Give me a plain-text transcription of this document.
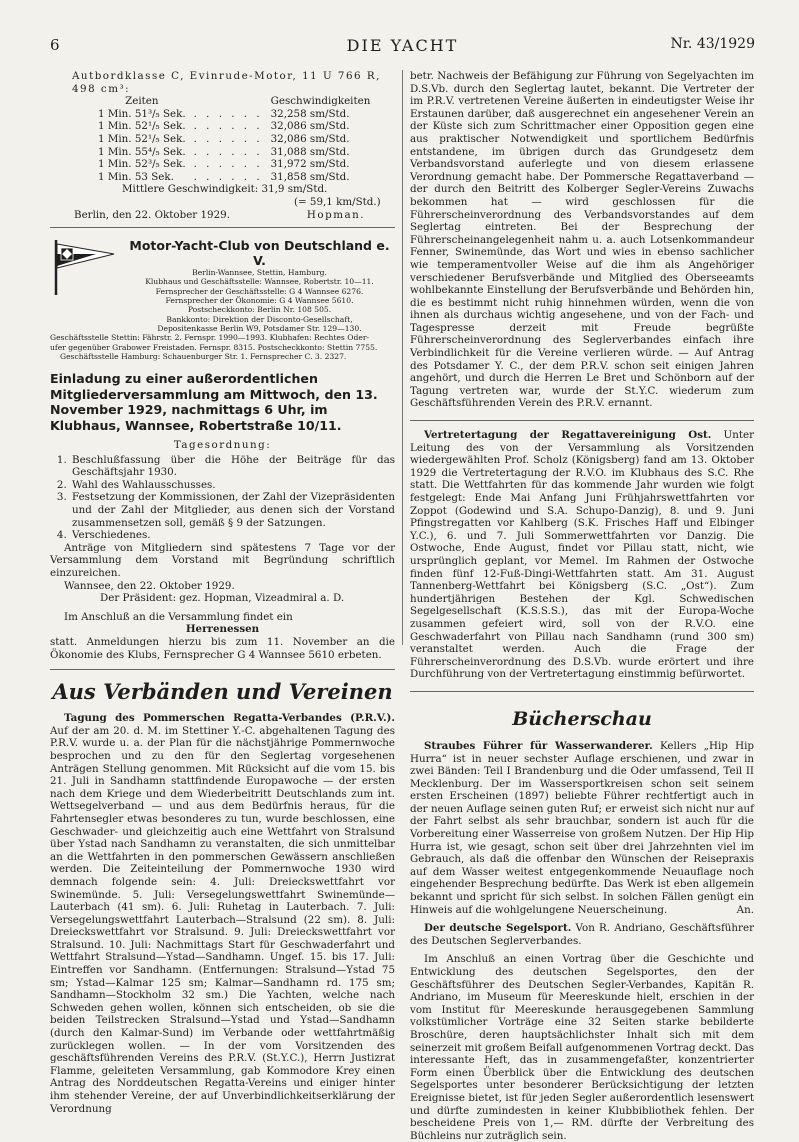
6	DIE YACHT	Nr. 43/1929

Autbordklasse C, Evinrude-Motor, 11 U 766 R, 498 cm³:

Zeiten		Geschwindigkeiten
1 Min. 51³/₅ Sek.	. . . . . .	32,258 sm/Std.
1 Min. 52¹/₅ Sek.	. . . . . .	32,086 sm/Std.
1 Min. 52¹/₅ Sek.	. . . . . .	32,086 sm/Std.
1 Min. 55⁴/₅ Sek.	. . . . . .	31,088 sm/Std.
1 Min. 52³/₅ Sek.	. . . . . .	31,972 sm/Std.
1 Min. 53 Sek.	. . . . . .	31,858 sm/Std.
Mittlere Geschwindigkeit: 31,9 sm/Std.
(= 59,1 km/Std.)
Berlin, den 22. Oktober 1929.	Hopman.
Motor-Yacht-Club von Deutschland e. V.
Berlin-Wannsee, Stettin, Hamburg.
Klubhaus und Geschäftsstelle: Wannsee, Robertstr. 10—11.
Fernsprecher der Geschäftsstelle: G 4 Wannsee 6276.
Fernsprecher der Ökonomie: G 4 Wannsee 5610.
Postscheckkonto: Berlin Nr. 108 505.
Bankkonto: Direktion der Disconto-Gesellschaft,
Depositenkasse Berlin W9, Potsdamer Str. 129—130.
Geschäftsstelle Stettin: Fährstr. 2. Fernspr. 1990—1993. Klubhafen: Rechtes Oder-
ufer gegenüber Grabower Freistaden. Fernspr. 8315. Postscheckkonto: Stettin 7755.
Geschäftsstelle Hamburg: Schauenburger Str. 1. Fernsprecher C. 3. 2327.
Einladung zu einer außerordentlichen Mitgliederversammlung am Mittwoch, den 13. November 1929, nachmittags 6 Uhr, im Klubhaus, Wannsee, Robertstraße 10/11.

Tagesordnung:

1. Beschlußfassung über die Höhe der Beiträge für das Geschäftsjahr 1930.
2. Wahl des Wahlausschusses.
3. Festsetzung der Kommissionen, der Zahl der Vizepräsidenten und der Zahl der Mitglieder, aus denen sich der Vorstand zusammensetzen soll, gemäß § 9 der Satzungen.
4. Verschiedenes.

Anträge von Mitgliedern sind spätestens 7 Tage vor der Versammlung dem Vorstand mit Begründung schriftlich einzureichen.

Wannsee, den 22. Oktober 1929.

Der Präsident: gez. Hopman, Vizeadmiral a. D.

Im Anschluß an die Versammlung findet ein

Herrenessen

statt. Anmeldungen hierzu bis zum 11. November an die Ökonomie des Klubs, Fernsprecher G 4 Wannsee 5610 erbeten.

Aus Verbänden und Vereinen

Tagung des Pommerschen Regatta-Verbandes (P.R.V.). Auf der am 20. d. M. im Stettiner Y.-C. abgehaltenen Tagung des P.R.V. wurde u. a. der Plan für die nächstjährige Pommernwoche besprochen und zu den für den Seglertag vorgesehenen Anträgen Stellung genommen. Mit Rücksicht auf die vom 15. bis 21. Juli in Sandhamn stattfindende Europawoche — der ersten nach dem Kriege und dem Wiederbeitritt Deutschlands zum int. Wettsegelverband — und aus dem Bedürfnis heraus, für die Fahrtensegler etwas besonderes zu tun, wurde beschlossen, eine Geschwader- und gleichzeitig auch eine Wettfahrt von Stralsund über Ystad nach Sandhamn zu veranstalten, die sich unmittelbar an die Wettfahrten in den pommerschen Gewässern anschließen werden. Die Zeiteinteilung der Pommernwoche 1930 wird demnach folgende sein: 4. Juli: Dreieckswettfahrt vor Swinemünde. 5. Juli: Versegelungswettfahrt Swinemünde—Lauterbach (41 sm). 6. Juli: Ruhetag in Lauterbach. 7. Juli: Versegelungswettfahrt Lauterbach—Stralsund (22 sm). 8. Juli: Dreieckswettfahrt vor Stralsund. 9. Juli: Dreieckswettfahrt vor Stralsund. 10. Juli: Nachmittags Start für Geschwaderfahrt und Wettfahrt Stralsund—Ystad—Sandhamn. Ungef. 15. bis 17. Juli: Eintreffen vor Sandhamn. (Entfernungen: Stralsund—Ystad 75 sm; Ystad—Kalmar 125 sm; Kalmar—Sandhamn rd. 175 sm; Sandhamn—Stockholm 32 sm.) Die Yachten, welche nach Schweden gehen wollen, können sich entscheiden, ob sie die beiden Teilstrecken Stralsund—Ystad und Ystad—Sandhamn (durch den Kalmar-Sund) im Verbande oder wettfahrtmäßig zurücklegen wollen. — In der vom Vorsitzenden des geschäftsführenden Vereins des P.R.V. (St.Y.C.), Herrn Justizrat Flamme, geleiteten Versammlung, gab Kommodore Krey einen Antrag des Norddeutschen Regatta-Vereins und einiger hinter ihm stehender Vereine, der auf Unverbindlichkeitserklärung der Verordnung

betr. Nachweis der Befähigung zur Führung von Segelyachten im D.S.Vb. durch den Seglertag lautet, bekannt. Die Vertreter der im P.R.V. vertretenen Vereine äußerten in eindeutigster Weise ihr Erstaunen darüber, daß ausgerechnet ein angesehener Verein an der Küste sich zum Schrittmacher einer Opposition gegen eine aus praktischer Notwendigkeit und sportlichem Bedürfnis entstandene, im übrigen durch das Grundgesetz dem Verbandsvorstand auferlegte und von diesem erlassene Verordnung gemacht habe. Der Pommersche Regattaverband — der durch den Beitritt des Kolberger Segler-Vereins Zuwachs bekommen hat — wird geschlossen für die Führerscheinverordnung des Verbandsvorstandes auf dem Seglertag eintreten. Bei der Besprechung der Führerscheinangelegenheit nahm u. a. auch Lotsenkommandeur Fenner, Swinemünde, das Wort und wies in ebenso sachlicher wie temperamentvoller Weise auf die ihm als Angehöriger verschiedener Berufsverbände und Mitglied des Oberseeamts wohlbekannte Einstellung der Berufsverbände und Behörden hin, die es bestimmt nicht ruhig hinnehmen würden, wenn die von ihnen als durchaus wichtig angesehene, und von der Fach- und Tagespresse derzeit mit Freude begrüßte Führerscheinverordnung des Seglerverbandes einfach ihre Verbindlichkeit für die Vereine verlieren würde. — Auf Antrag des Potsdamer Y. C., der dem P.R.V. schon seit einigen Jahren angehört, und durch die Herren Le Bret und Schönborn auf der Tagung vertreten war, wurde der St.Y.C. wiederum zum Geschäftsführenden Verein des P.R.V. ernannt.

Vertretertagung der Regattavereinigung Ost. Unter Leitung des von der Versammlung als Vorsitzenden wiedergewählten Prof. Scholz (Königsberg) fand am 13. Oktober 1929 die Vertretertagung der R.V.O. im Klubhaus des S.C. Rhe statt. Die Wettfahrten für das kommende Jahr wurden wie folgt festgelegt: Ende Mai Anfang Juni Frühjahrswettfahrten vor Zoppot (Godewind und S.A. Schupo-Danzig), 8. und 9. Juni Pfingstregatten vor Kahlberg (S.K. Frisches Haff und Elbinger Y.C.), 6. und 7. Juli Sommerwettfahrten vor Danzig. Die Ostwoche, Ende August, findet vor Pillau statt, nicht, wie ursprünglich geplant, vor Memel. Im Rahmen der Ostwoche finden fünf 12-Fuß-Dingi-Wettfahrten statt. Am 31. August Tannenberg-Wettfahrt bei Königsberg (S.C. „Ost“). Zum hundertjährigen Bestehen der Kgl. Schwedischen Segelgesellschaft (K.S.S.S.), das mit der Europa-Woche zusammen gefeiert wird, soll von der R.V.O. eine Geschwaderfahrt von Pillau nach Sandhamn (rund 300 sm) veranstaltet werden. Auch die Frage der Führerscheinverordnung des D.S.Vb. wurde erörtert und ihre Durchführung von der Vertretertagung einstimmig befürwortet.

Bücherschau

Straubes Führer für Wasserwanderer. Kellers „Hip Hip Hurra“ ist in neuer sechster Auflage erschienen, und zwar in zwei Bänden: Teil I Brandenburg und die Oder umfassend, Teil II Mecklenburg. Der im Wassersportkreisen schon seit seinem ersten Erscheinen (1897) beliebte Führer rechtfertigt auch in der neuen Auflage seinen guten Ruf; er erweist sich nicht nur auf der Fahrt selbst als sehr brauchbar, sondern ist auch für die Vorbereitung einer Wasserreise von großem Nutzen. Der Hip Hip Hurra ist, wie gesagt, schon seit über drei Jahrzehnten viel im Gebrauch, als daß die offenbar den Wünschen der Reisepraxis auf dem Wasser weitest entgegenkommende Neuauflage noch eingehender Besprechung bedürfte. Das Werk ist eben allgemein bekannt und spricht für sich selbst. In solchen Fällen genügt ein Hinweis auf die wohlgelungene Neuerscheinung.	An.

Der deutsche Segelsport. Von R. Andriano, Geschäftsführer des Deutschen Seglerverbandes.

Im Anschluß an einen Vortrag über die Geschichte und Entwicklung des deutschen Segelsportes, den der Geschäftsführer des Deutschen Segler-Verbandes, Kapitän R. Andriano, im Museum für Meereskunde hielt, erschien in der vom Institut für Meereskunde herausgegebenen Sammlung volkstümlicher Vorträge eine 32 Seiten starke bebilderte Broschüre, deren hauptsächlichster Inhalt sich mit dem seinerzeit mit großem Beifall aufgenommenen Vortrag deckt. Das interessante Heft, das in zusammengefaßter, konzentrierter Form einen Überblick über die Entwicklung des deutschen Segelsportes unter besonderer Berücksichtigung der letzten Ereignisse bietet, ist für jeden Segler außerordentlich lesenswert und dürfte zumindesten in keiner Klubbibliothek fehlen. Der bescheidene Preis von 1,— RM. dürfte der Verbreitung des Büchleins nur zuträglich sein.
